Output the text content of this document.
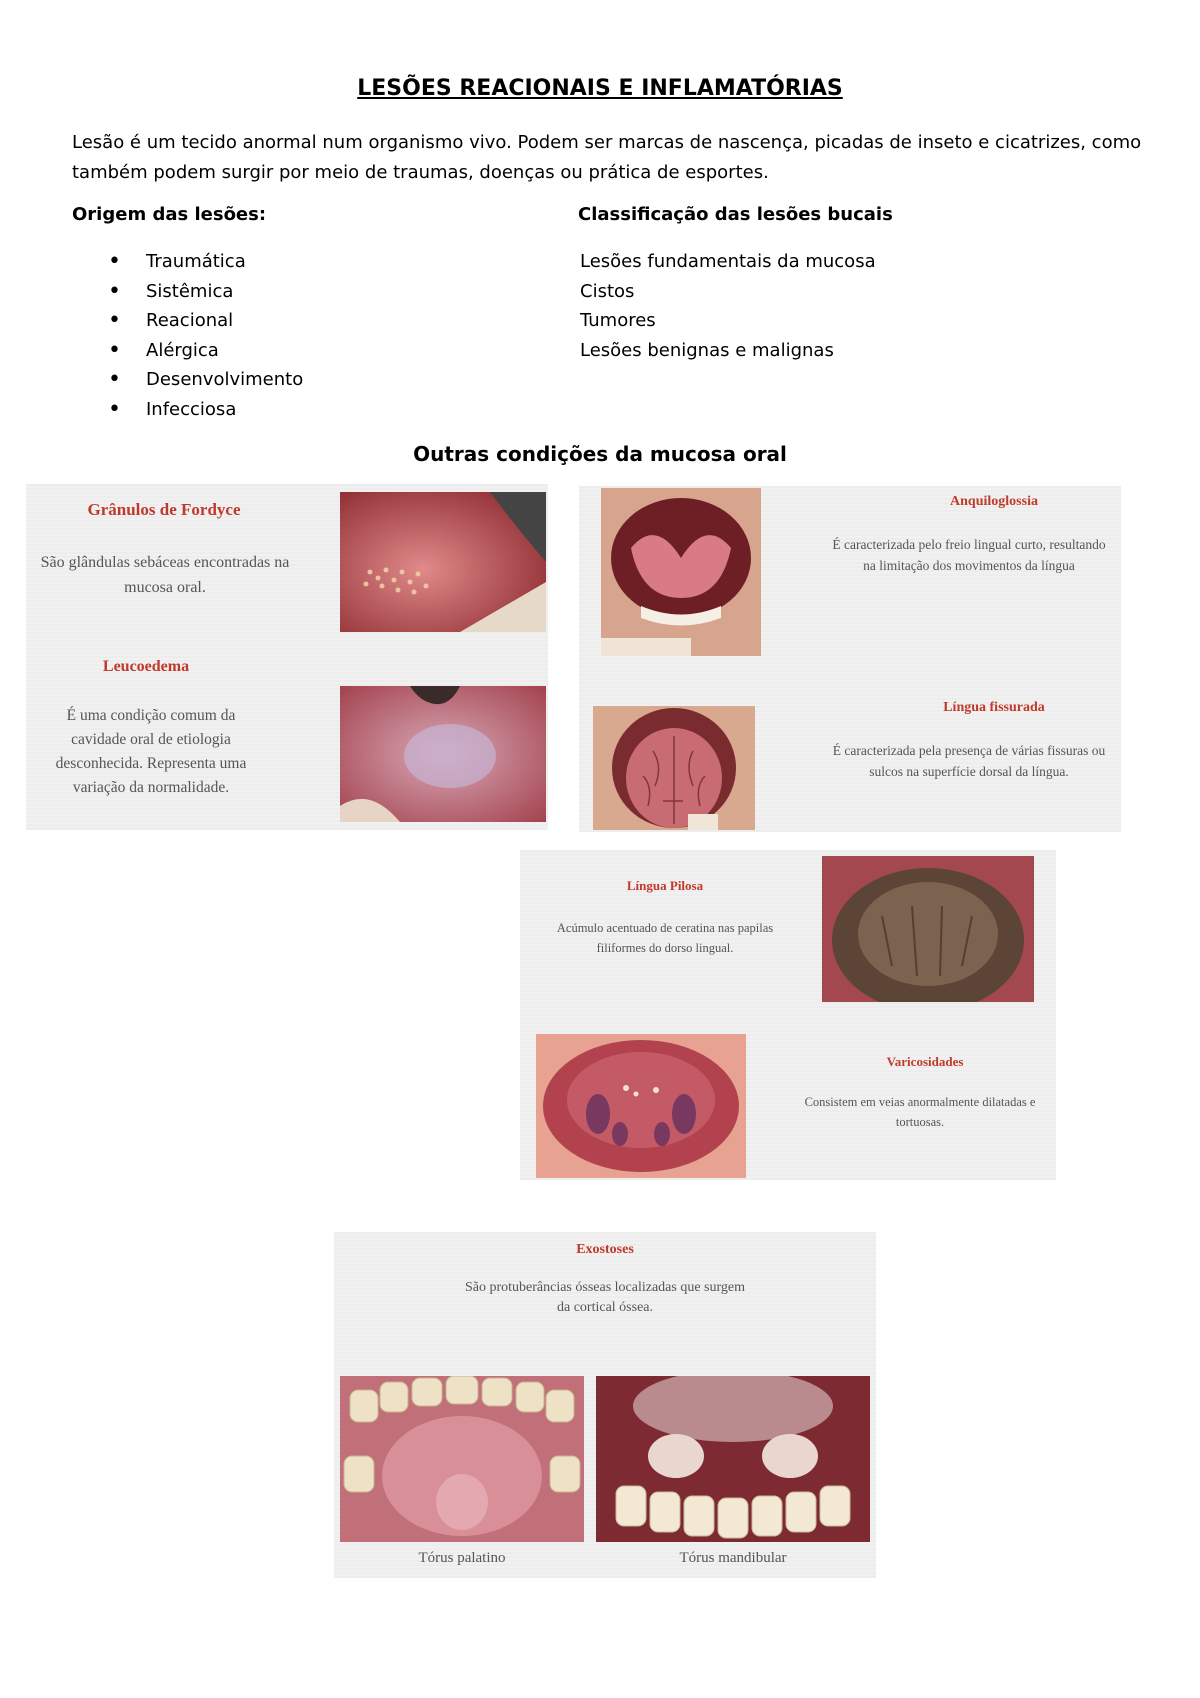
LESÕES REACIONAIS E INFLAMATÓRIAS
Lesão é um tecido anormal num organismo vivo. Podem ser marcas de nascença, picadas de inseto e cicatrizes, como também podem surgir por meio de traumas, doenças ou prática de esportes.
Origem das lesões:
• Traumática
• Sistêmica
• Reacional
• Alérgica
• Desenvolvimento
• Infecciosa
Classificação das lesões bucais
Lesões fundamentais da mucosa
Cistos
Tumores
Lesões benignas e malignas
Outras condições da mucosa oral
Grânulos de Fordyce
São glândulas sebáceas encontradas na mucosa oral.
Leucoedema
É uma condição comum da cavidade oral de etiologia desconhecida. Representa uma variação da normalidade.
Anquiloglossia
É caracterizada pelo freio lingual curto, resultando na limitação dos movimentos da língua
Língua fissurada
É caracterizada pela presença de várias fissuras ou sulcos na superfície dorsal da língua.
Língua Pilosa
Acúmulo acentuado de ceratina nas papilas filiformes do dorso lingual.
Varicosidades
Consistem em veias anormalmente dilatadas e tortuosas.
Exostoses
São protuberâncias ósseas localizadas que surgem da cortical óssea.
Tórus palatino	Tórus mandibular
